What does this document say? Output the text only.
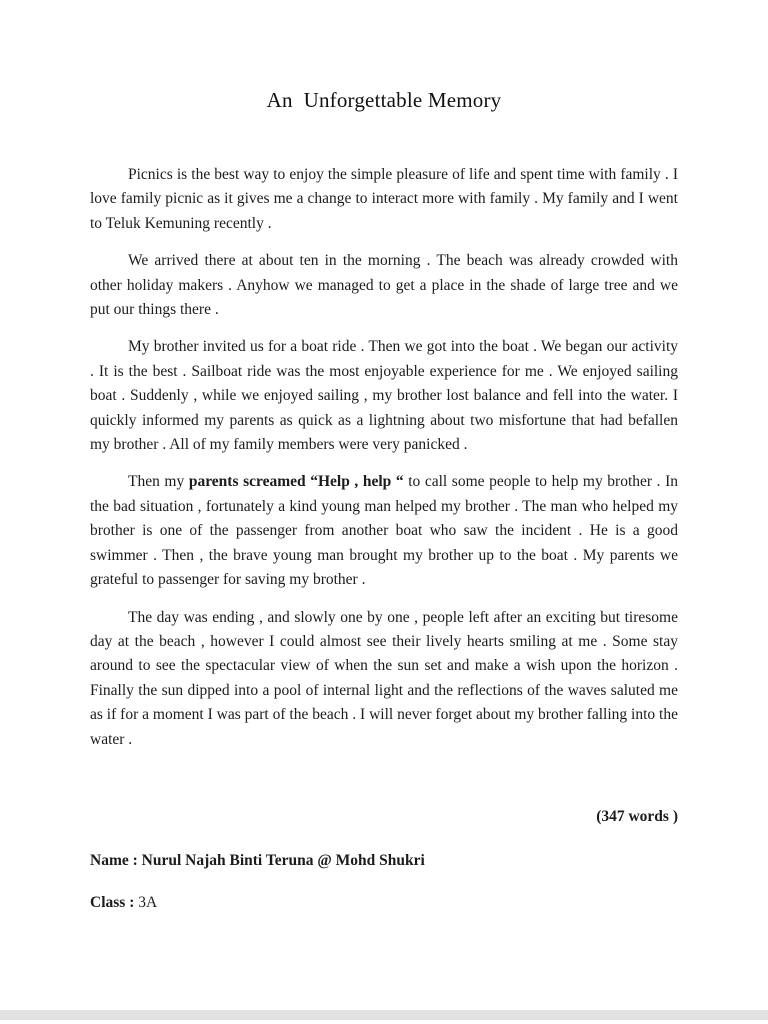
An  Unforgettable Memory

Picnics is the best way to enjoy the simple pleasure of life and spent time with family . I love family picnic as it gives me a change to interact more with family . My family and I went to Teluk Kemuning recently .

We arrived there at about ten in the morning . The beach was already crowded with other holiday makers . Anyhow we managed to get a place in the shade of large tree and we put our things there .

My brother invited us for a boat ride . Then we got into the boat . We began our activity . It is the best . Sailboat ride was the most enjoyable experience for me . We enjoyed sailing boat . Suddenly , while we enjoyed sailing , my brother lost balance and fell into the water. I quickly informed my parents as quick as a lightning about two misfortune that had befallen my brother . All of my family members were very panicked .

Then my parents screamed “Help , help “ to call some people to help my brother . In the bad situation , fortunately a kind young man helped my brother . The man who helped my brother is one of the passenger from another boat who saw the incident . He is a good swimmer . Then , the brave young man brought my brother up to the boat . My parents we grateful to passenger for saving my brother .

The day was ending , and slowly one by one , people left after an exciting but tiresome day at the beach , however I could almost see their lively hearts smiling at me . Some stay around to see the spectacular view of when the sun set and make a wish upon the horizon . Finally the sun dipped into a pool of internal light and the reflections of the waves saluted me as if for a moment I was part of the beach . I will never forget about my brother falling into the water .

(347 words )
Name : Nurul Najah Binti Teruna @ Mohd Shukri
Class : 3A
